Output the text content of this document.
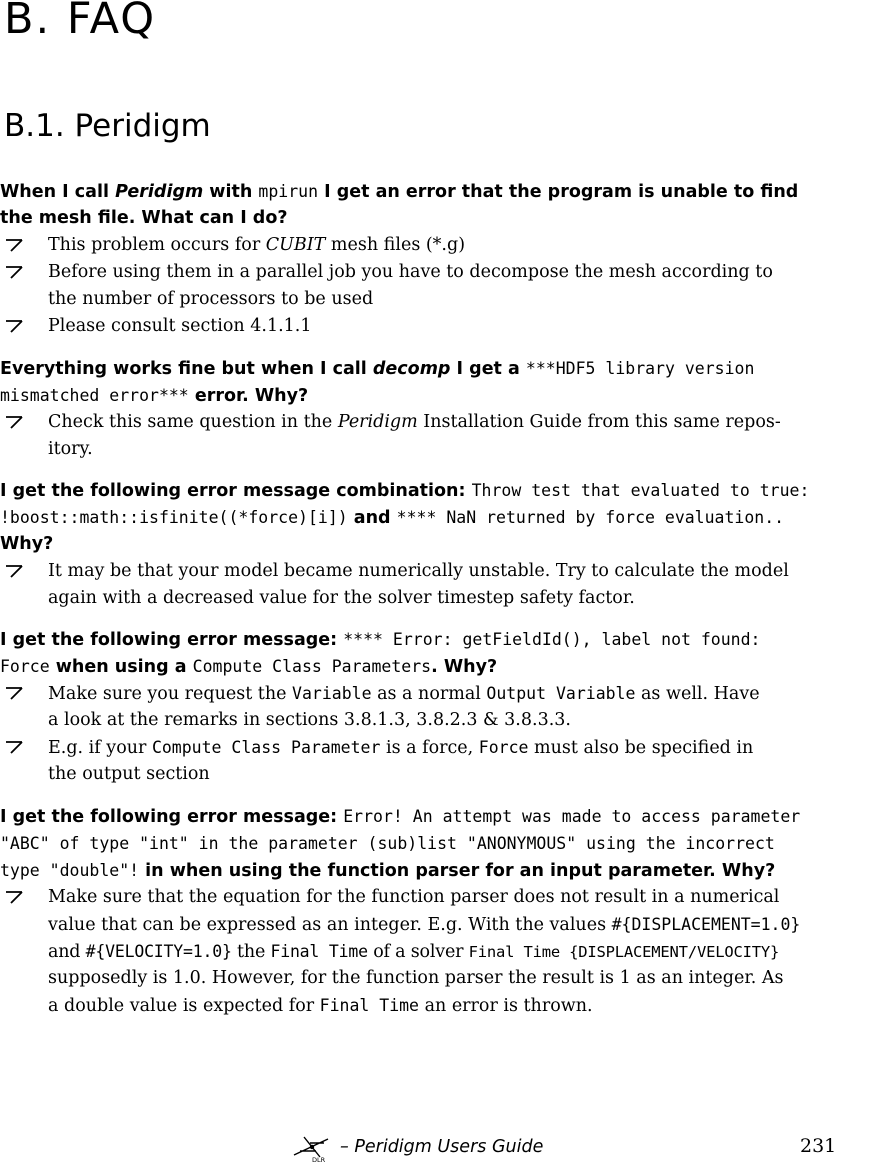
B. FAQ
B.1. Peridigm
When I call Peridigm with mpirun I get an error that the program is unable to find
the mesh file. What can I do?
This problem occurs for CUBIT mesh files (*.g)
Before using them in a parallel job you have to decompose the mesh according to
the number of processors to be used
Please consult section 4.1.1.1
Everything works fine but when I call decomp I get a ***HDF5 library version
mismatched error*** error. Why?
Check this same question in the Peridigm Installation Guide from this same repos-
itory.
I get the following error message combination: Throw test that evaluated to true:
!boost::math::isfinite((*force)[i]) and **** NaN returned by force evaluation..
Why?
It may be that your model became numerically unstable. Try to calculate the model
again with a decreased value for the solver timestep safety factor.
I get the following error message: **** Error: getFieldId(), label not found:
Force when using a Compute Class Parameters. Why?
Make sure you request the Variable as a normal Output Variable as well. Have
a look at the remarks in sections 3.8.1.3, 3.8.2.3 & 3.8.3.3.
E.g. if your Compute Class Parameter is a force, Force must also be specified in
the output section
I get the following error message: Error! An attempt was made to access parameter
"ABC" of type "int" in the parameter (sub)list "ANONYMOUS" using the incorrect
type "double"! in when using the function parser for an input parameter. Why?
Make sure that the equation for the function parser does not result in a numerical
value that can be expressed as an integer. E.g. With the values #{DISPLACEMENT=1.0}
and #{VELOCITY=1.0} the Final Time of a solver Final Time {DISPLACEMENT/VELOCITY}
supposedly is 1.0. However, for the function parser the result is 1 as an integer. As
a double value is expected for Final Time an error is thrown.
DLR
– Peridigm Users Guide	231
